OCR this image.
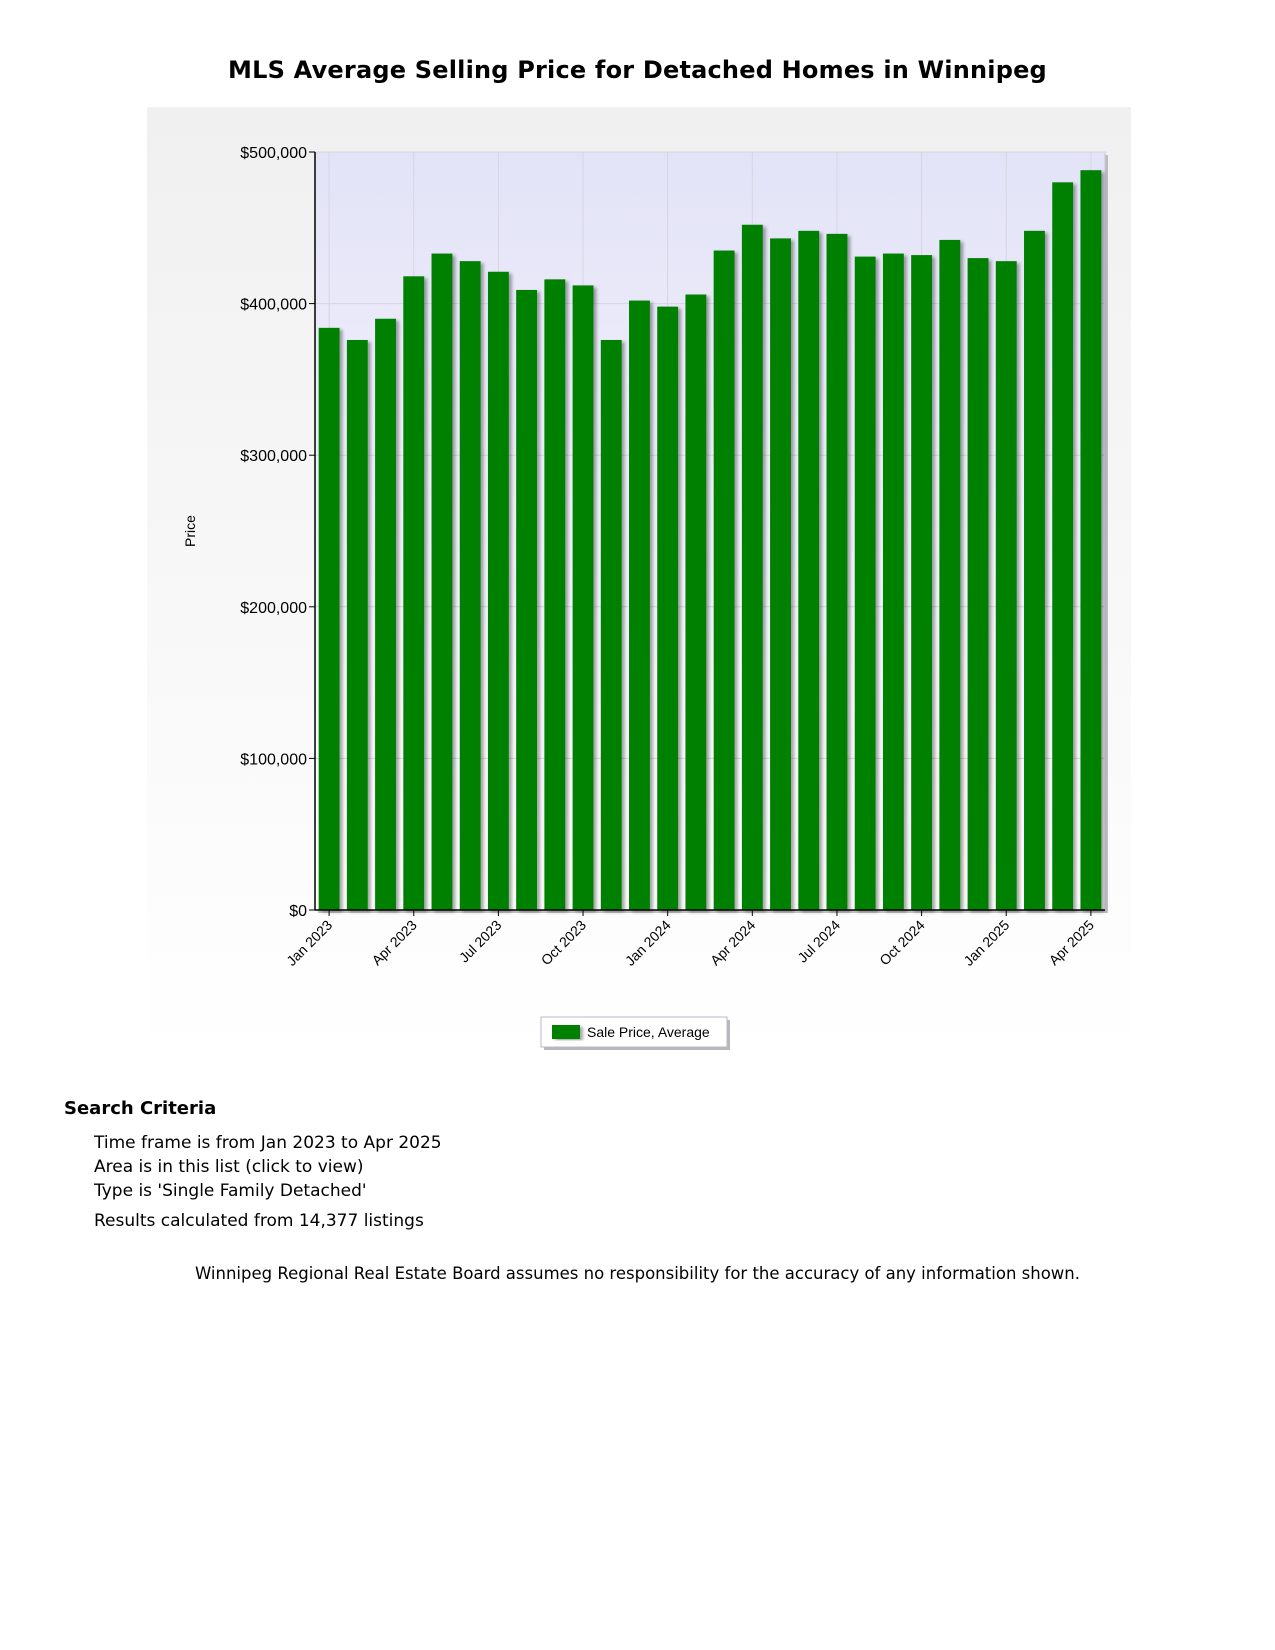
MLS Average Selling Price for Detached Homes in Winnipeg
$0
$100,000
$200,000
$300,000
$400,000
$500,000
Jan 2023 Apr 2023	Jul 2023 Oct 2023 Jan 2024 Apr 2024	Jul 2024 Oct 2024 Jan 2025 Apr 2025
Price
Sale Price, Average
Search Criteria
Time frame is from Jan 2023 to Apr 2025
Area is in this list (click to view)
Type is 'Single Family Detached'
Results calculated from 14,377 listings
Winnipeg Regional Real Estate Board assumes no responsibility for the accuracy of any information shown.
